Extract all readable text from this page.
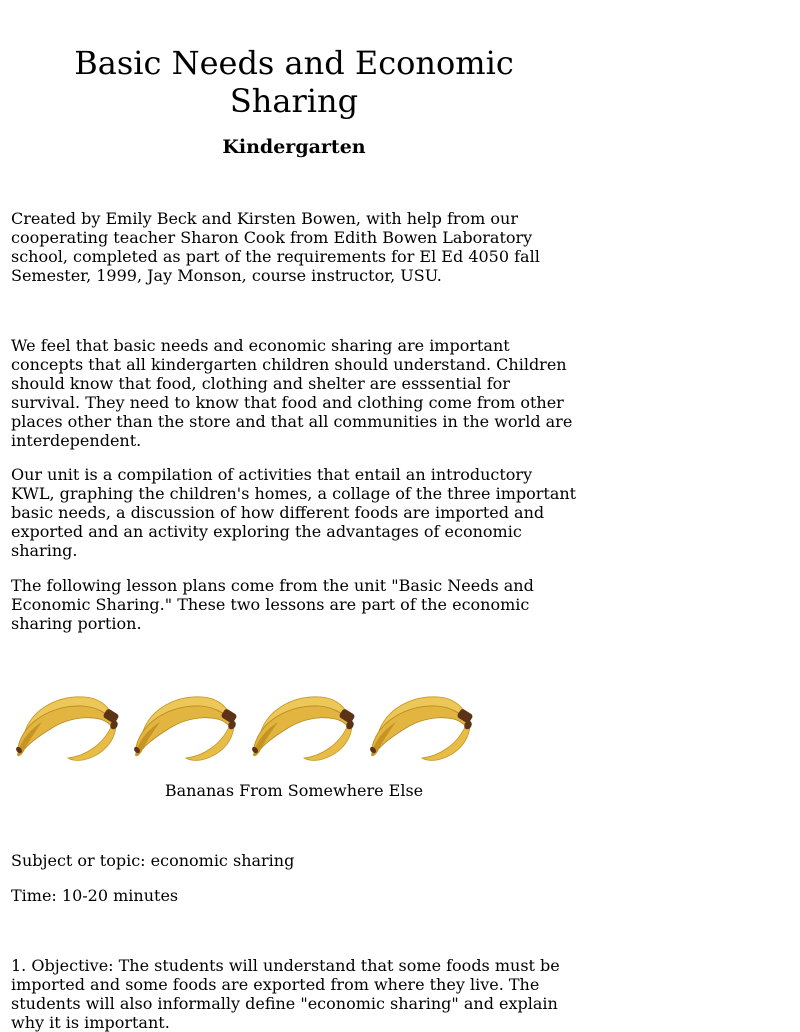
Basic Needs and Economic Sharing
Kindergarten

Created by Emily Beck and Kirsten Bowen, with help from our cooperating teacher Sharon Cook from Edith Bowen Laboratory school, completed as part of the requirements for El Ed 4050 fall Semester, 1999, Jay Monson, course instructor, USU.

We feel that basic needs and economic sharing are important concepts that all kindergarten children should understand. Children should know that food, clothing and shelter are esssential for survival. They need to know that food and clothing come from other places other than the store and that all communities in the world are interdependent.

Our unit is a compilation of activities that entail an introductory KWL, graphing the children's homes, a collage of the three important basic needs, a discussion of how different foods are imported and exported and an activity exploring the advantages of economic sharing.

The following lesson plans come from the unit "Basic Needs and Economic Sharing." These two lessons are part of the economic sharing portion.

Bananas From Somewhere Else

Subject or topic: economic sharing

Time: 10-20 minutes

1. Objective: The students will understand that some foods must be imported and some foods are exported from where they live. The students will also informally define "economic sharing" and explain why it is important.
